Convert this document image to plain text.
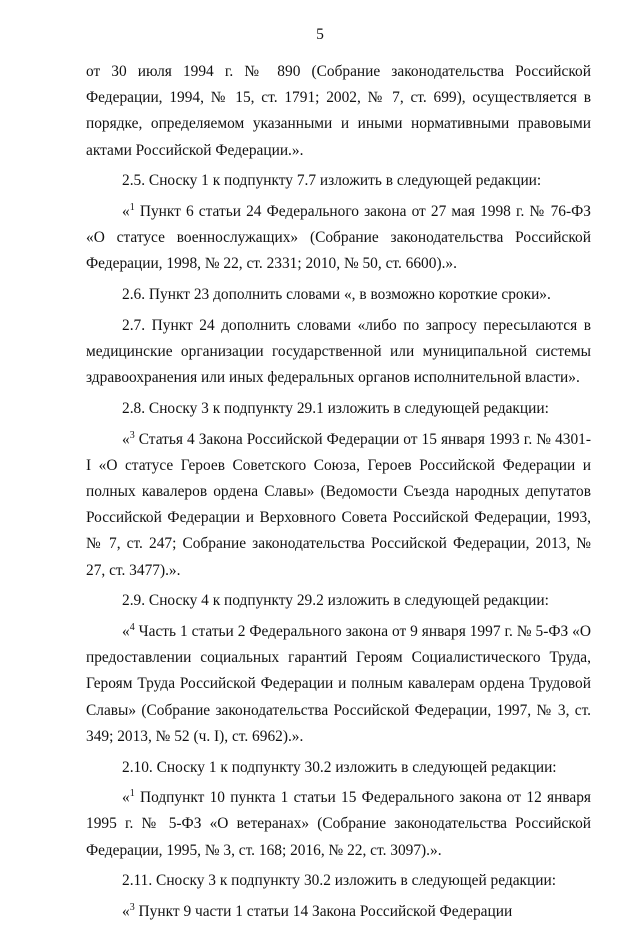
5

от 30 июля 1994 г. № 890 (Собрание законодательства Российской Федерации, 1994, № 15, ст. 1791; 2002, № 7, ст. 699), осуществляется в порядке, определяемом указанными и иными нормативными правовыми актами Российской Федерации.».

2.5. Сноску 1 к подпункту 7.7 изложить в следующей редакции:

«$^1$ Пункт 6 статьи 24 Федерального закона от 27 мая 1998 г. № 76-ФЗ «О статусе военнослужащих» (Собрание законодательства Российской Федерации, 1998, № 22, ст. 2331; 2010, № 50, ст. 6600).».

2.6. Пункт 23 дополнить словами «, в возможно короткие сроки».

2.7. Пункт 24 дополнить словами «либо по запросу пересылаются в медицинские организации государственной или муниципальной системы здравоохранения или иных федеральных органов исполнительной власти».

2.8. Сноску 3 к подпункту 29.1 изложить в следующей редакции:

«$^3$ Статья 4 Закона Российской Федерации от 15 января 1993 г. № 4301-I «О статусе Героев Советского Союза, Героев Российской Федерации и полных кавалеров ордена Славы» (Ведомости Съезда народных депутатов Российской Федерации и Верховного Совета Российской Федерации, 1993, № 7, ст. 247; Собрание законодательства Российской Федерации, 2013, № 27, ст. 3477).».

2.9. Сноску 4 к подпункту 29.2 изложить в следующей редакции:

«$^4$ Часть 1 статьи 2 Федерального закона от 9 января 1997 г. № 5-ФЗ «О предоставлении социальных гарантий Героям Социалистического Труда, Героям Труда Российской Федерации и полным кавалерам ордена Трудовой Славы» (Собрание законодательства Российской Федерации, 1997, № 3, ст. 349; 2013, № 52 (ч. I), ст. 6962).».

2.10. Сноску 1 к подпункту 30.2 изложить в следующей редакции:

«$^1$ Подпункт 10 пункта 1 статьи 15 Федерального закона от 12 января 1995 г. № 5-ФЗ «О ветеранах» (Собрание законодательства Российской Федерации, 1995, № 3, ст. 168; 2016, № 22, ст. 3097).».

2.11. Сноску 3 к подпункту 30.2 изложить в следующей редакции:

«$^3$ Пункт 9 части 1 статьи 14 Закона Российской Федерации
